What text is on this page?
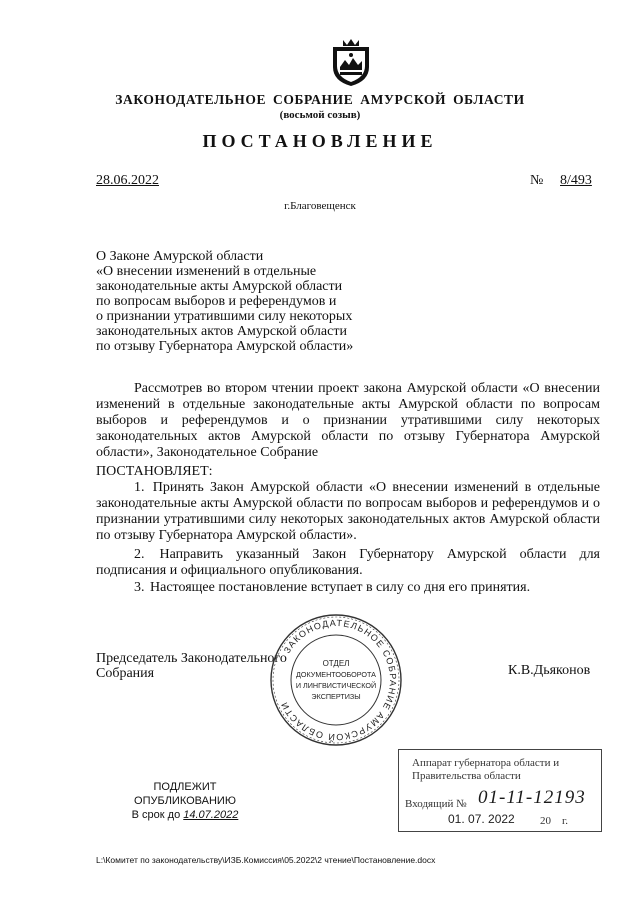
ЗАКОНОДАТЕЛЬНОЕ СОБРАНИЕ АМУРСКОЙ ОБЛАСТИ
(восьмой созыв)
ПОСТАНОВЛЕНИЕ
28.06.2022	№ 8/493
г.Благовещенск
О Законе Амурской области
«О внесении изменений в отдельные
законодательные акты Амурской области
по вопросам выборов и референдумов и
о признании утратившими силу некоторых
законодательных актов Амурской области
по отзыву Губернатора Амурской области»
Рассмотрев во втором чтении проект закона Амурской области «О внесении изменений в отдельные законодательные акты Амурской области по вопросам выборов и референдумов и о признании утратившими силу некоторых законодательных актов Амурской области по отзыву Губернатора Амурской области», Законодательное Собрание
ПОСТАНОВЛЯЕТ:
1. Принять Закон Амурской области «О внесении изменений в отдельные законодательные акты Амурской области по вопросам выборов и референдумов и о признании утратившими силу некоторых законодательных актов Амурской области по отзыву Губернатора Амурской области».
2. Направить указанный Закон Губернатору Амурской области для подписания и официального опубликования.
3. Настоящее постановление вступает в силу со дня его принятия.
Председатель Законодательного
Собрания	К.В.Дьяконов
ЗАКОНОДАТЕЛЬНОЕ СОБРАНИЕ АМУРСКОЙ ОБЛАСТИ
ОТДЕЛ
ДОКУМЕНТООБОРОТА
И ЛИНГВИСТИЧЕСКОЙ
ЭКСПЕРТИЗЫ
Аппарат губернатора области и
Правительства области
Входящий № 01-11-12193
01. 07. 2022 20 г.
ПОДЛЕЖИТ
ОПУБЛИКОВАНИЮ
В срок до 14.07.2022
L:\Комитет по законодательству\ИЗБ.Комиссия\05.2022\2 чтение\Постановление.docx
